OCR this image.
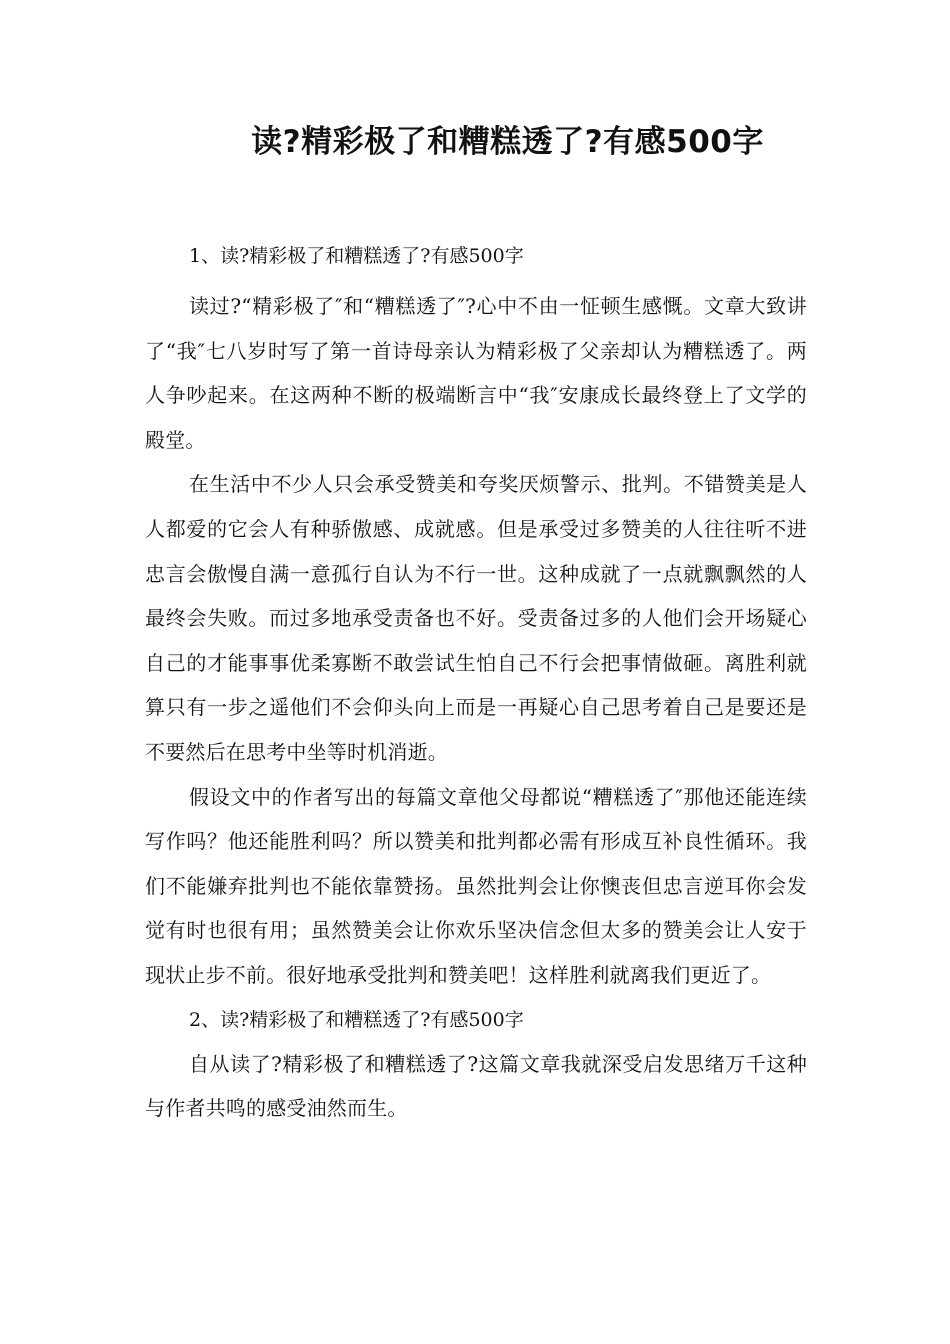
读?精彩极了和糟糕透了?有感500字

1、读?精彩极了和糟糕透了?有感500字

读过?“精彩极了″和“糟糕透了″?心中不由一怔顿生感慨。文章大致讲了“我″七八岁时写了第一首诗母亲认为精彩极了父亲却认为糟糕透了。两人争吵起来。在这两种不断的极端断言中“我″安康成长最终登上了文学的殿堂。

在生活中不少人只会承受赞美和夸奖厌烦警示、批判。不错赞美是人人都爱的它会人有种骄傲感、成就感。但是承受过多赞美的人往往听不进忠言会傲慢自满一意孤行自认为不行一世。这种成就了一点就飘飘然的人最终会失败。而过多地承受责备也不好。受责备过多的人他们会开场疑心自己的才能事事优柔寡断不敢尝试生怕自己不行会把事情做砸。离胜利就算只有一步之遥他们不会仰头向上而是一再疑心自己思考着自己是要还是不要然后在思考中坐等时机消逝。

假设文中的作者写出的每篇文章他父母都说“糟糕透了″那他还能连续写作吗？他还能胜利吗？所以赞美和批判都必需有形成互补良性循环。我们不能嫌弃批判也不能依靠赞扬。虽然批判会让你懊丧但忠言逆耳你会发觉有时也很有用；虽然赞美会让你欢乐坚决信念但太多的赞美会让人安于现状止步不前。很好地承受批判和赞美吧！这样胜利就离我们更近了。

2、读?精彩极了和糟糕透了?有感500字

自从读了?精彩极了和糟糕透了?这篇文章我就深受启发思绪万千这种与作者共鸣的感受油然而生。
